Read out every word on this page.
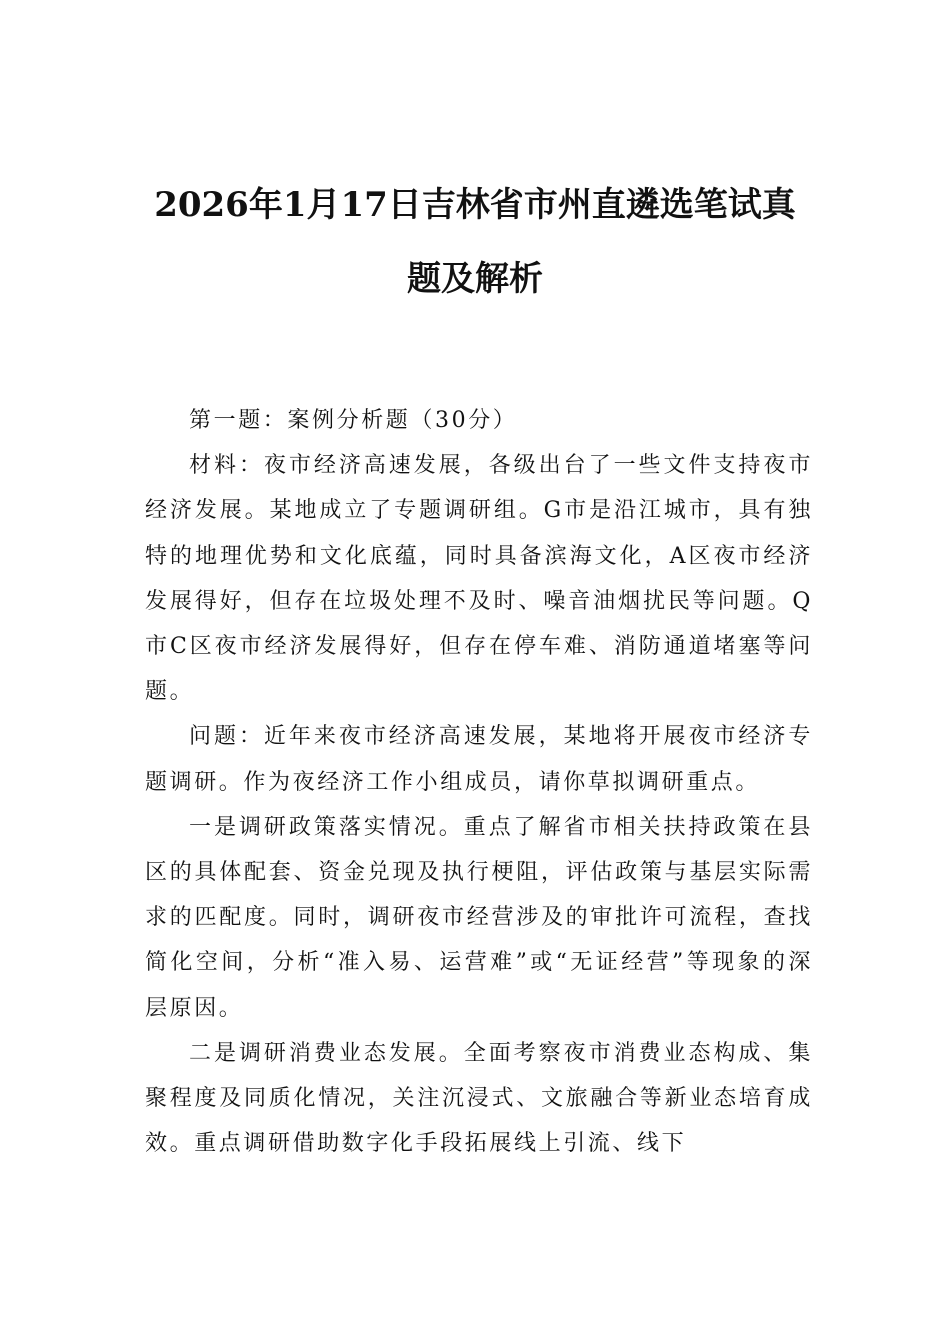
2026年1月17日吉林省市州直遴选笔试真题及解析

第一题：案例分析题（30分）

材料：夜市经济高速发展，各级出台了一些文件支持夜市经济发展。某地成立了专题调研组。G市是沿江城市，具有独特的地理优势和文化底蕴，同时具备滨海文化，A区夜市经济发展得好，但存在垃圾处理不及时、噪音油烟扰民等问题。Q市C区夜市经济发展得好，但存在停车难、消防通道堵塞等问题。

问题：近年来夜市经济高速发展，某地将开展夜市经济专题调研。作为夜经济工作小组成员，请你草拟调研重点。

一是调研政策落实情况。重点了解省市相关扶持政策在县区的具体配套、资金兑现及执行梗阻，评估政策与基层实际需求的匹配度。同时，调研夜市经营涉及的审批许可流程，查找简化空间，分析“准入易、运营难”或“无证经营”等现象的深层原因。

二是调研消费业态发展。全面考察夜市消费业态构成、集聚程度及同质化情况，关注沉浸式、文旅融合等新业态培育成效。重点调研借助数字化手段拓展线上引流、线下
